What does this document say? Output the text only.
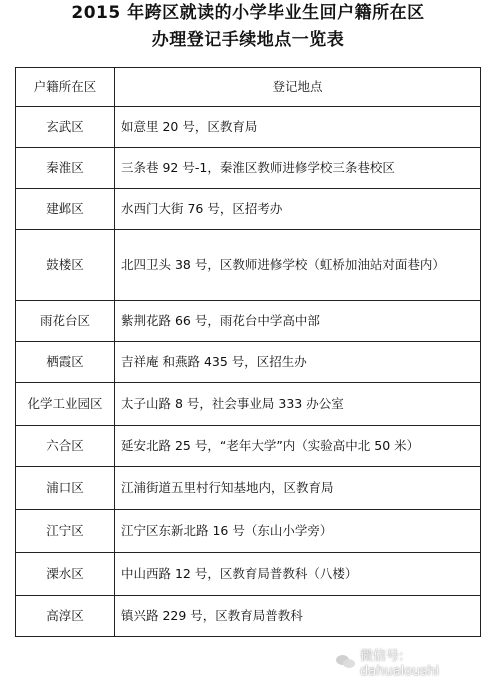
2015 年跨区就读的小学毕业生回户籍所在区
办理登记手续地点一览表
户籍所在区	登记地点
玄武区	如意里 20 号，区教育局
秦淮区	三条巷 92 号-1，秦淮区教师进修学校三条巷校区
建邺区	水西门大街 76 号，区招考办
鼓楼区	北四卫头 38 号，区教师进修学校（虹桥加油站对面巷内）
雨花台区	紫荆花路 66 号，雨花台中学高中部
栖霞区	吉祥庵 和燕路 435 号，区招生办
化学工业园区	太子山路 8 号，社会事业局 333 办公室
六合区	延安北路 25 号，“老年大学”内（实验高中北 50 米）
浦口区	江浦街道五里村行知基地内，区教育局
江宁区	江宁区东新北路 16 号（东山小学旁）
溧水区	中山西路 12 号，区教育局普教科（八楼）
高淳区	镇兴路 229 号，区教育局普教科
微信号: dahualoushi
